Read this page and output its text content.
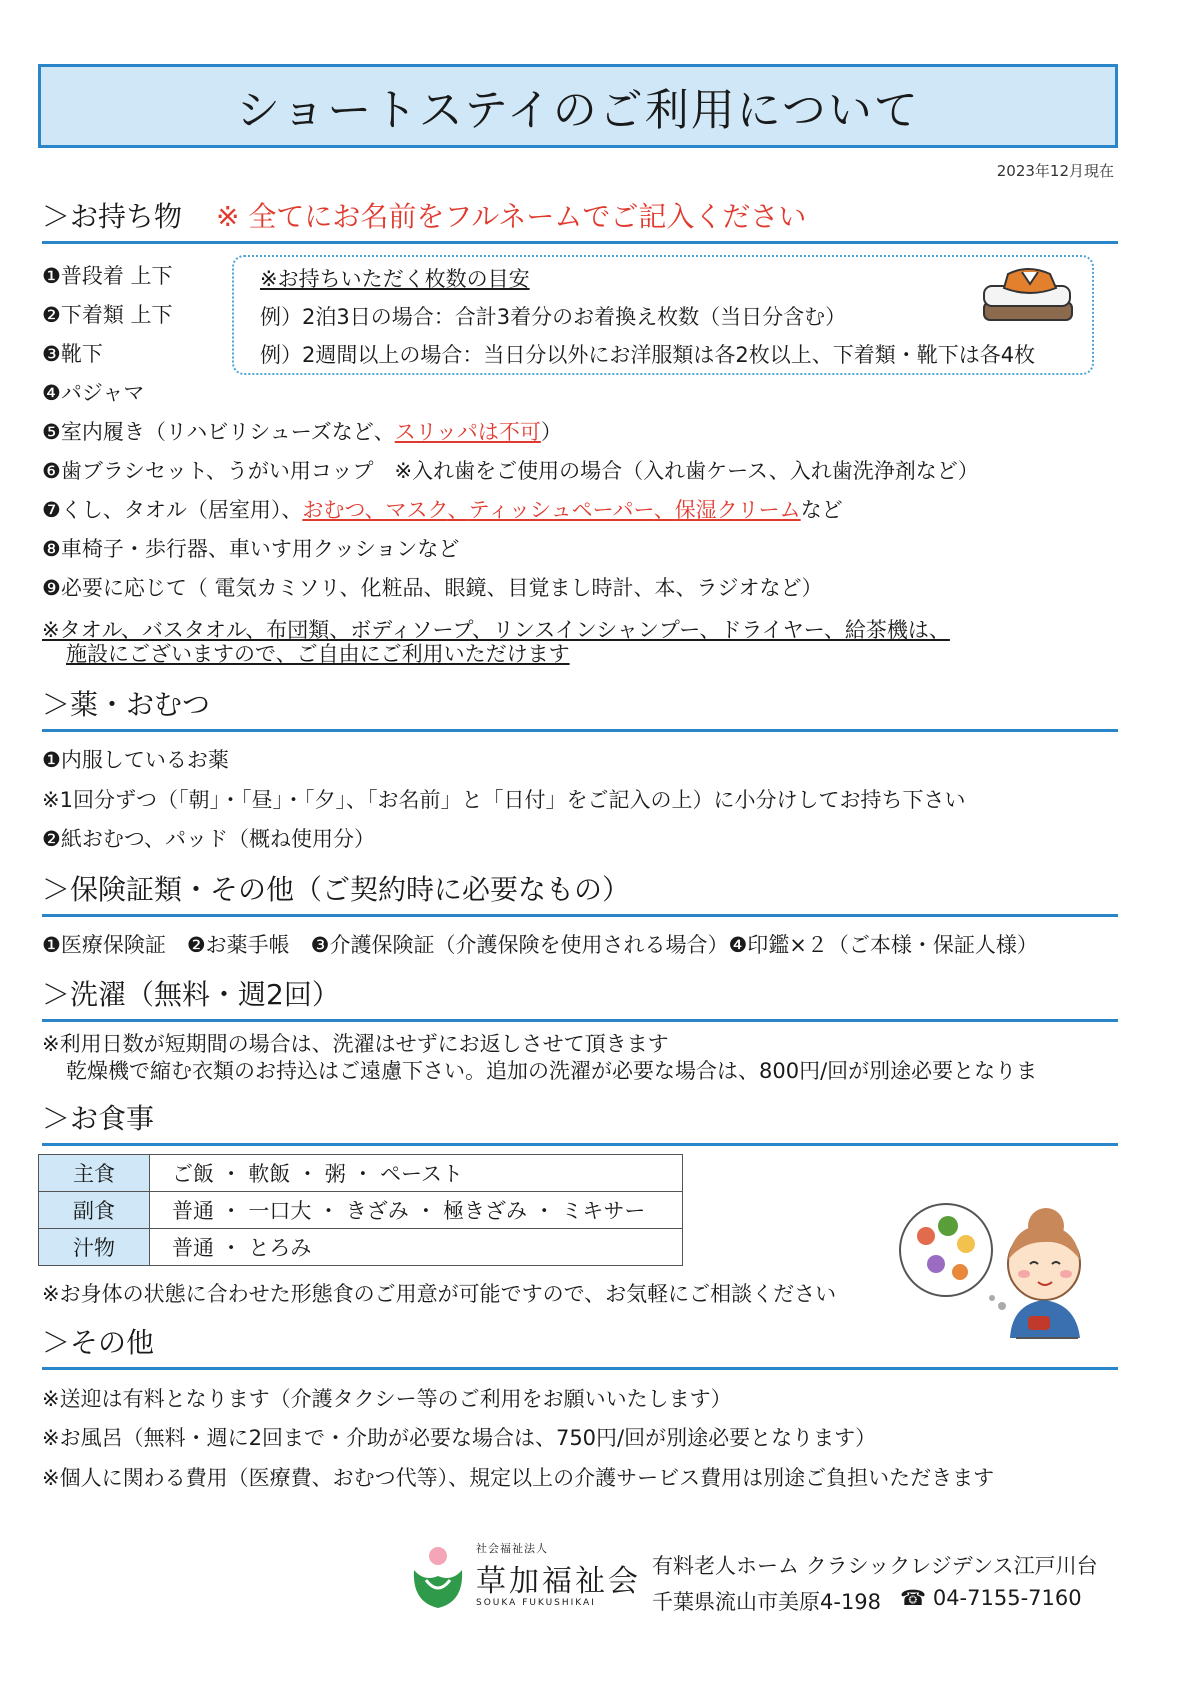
ショートステイのご利用について
2023年12月現在
＞お持ち物 ※ 全てにお名前をフルネームでご記入ください
❶普段着 上下
❷下着類 上下
❸靴下
❹パジャマ
※お持ちいただく枚数の目安
例）2泊3日の場合：合計3着分のお着換え枚数（当日分含む）
例）2週間以上の場合：当日分以外にお洋服類は各2枚以上、下着類・靴下は各4枚
❺室内履き（リハビリシューズなど、スリッパは不可）
❻歯ブラシセット、うがい用コップ　※入れ歯をご使用の場合（入れ歯ケース、入れ歯洗浄剤など）
❼くし、タオル（居室用）、おむつ、マスク、ティッシュペーパー、保湿クリームなど
❽車椅子・歩行器、車いす用クッションなど
❾必要に応じて（ 電気カミソリ、化粧品、眼鏡、目覚まし時計、本、ラジオなど）
※タオル、バスタオル、布団類、ボディソープ、リンスインシャンプー、ドライヤー、給茶機は、
施設にございますので、ご自由にご利用いただけます
＞薬・おむつ
❶内服しているお薬
※1回分ずつ（「朝」・「昼」・「夕」、「お名前」と「日付」をご記入の上）に小分けしてお持ち下さい
❷紙おむつ、パッド（概ね使用分）
＞保険証類・その他（ご契約時に必要なもの）
❶医療保険証　❷お薬手帳　❸介護保険証（介護保険を使用される場合）❹印鑑×２（ご本様・保証人様）
＞洗濯（無料・週2回）
※利用日数が短期間の場合は、洗濯はせずにお返しさせて頂きます
乾燥機で縮む衣類のお持込はご遠慮下さい。追加の洗濯が必要な場合は、800円/回が別途必要となりま
＞お食事
主食	ご飯 ・ 軟飯 ・ 粥 ・ ペースト
副食	普通 ・ 一口大 ・ きざみ ・ 極きざみ ・ ミキサー
汁物	普通 ・ とろみ
※お身体の状態に合わせた形態食のご用意が可能ですので、お気軽にご相談ください
＞その他
※送迎は有料となります（介護タクシー等のご利用をお願いいたします）
※お風呂（無料・週に2回まで・介助が必要な場合は、750円/回が別途必要となります）
※個人に関わる費用（医療費、おむつ代等）、規定以上の介護サービス費用は別途ご負担いただきます
社会福祉法人
草加福祉会
SOUKA FUKUSHIKAI
有料老人ホーム クラシックレジデンス江戸川台
千葉県流山市美原4-198 ☎ 04-7155-7160
